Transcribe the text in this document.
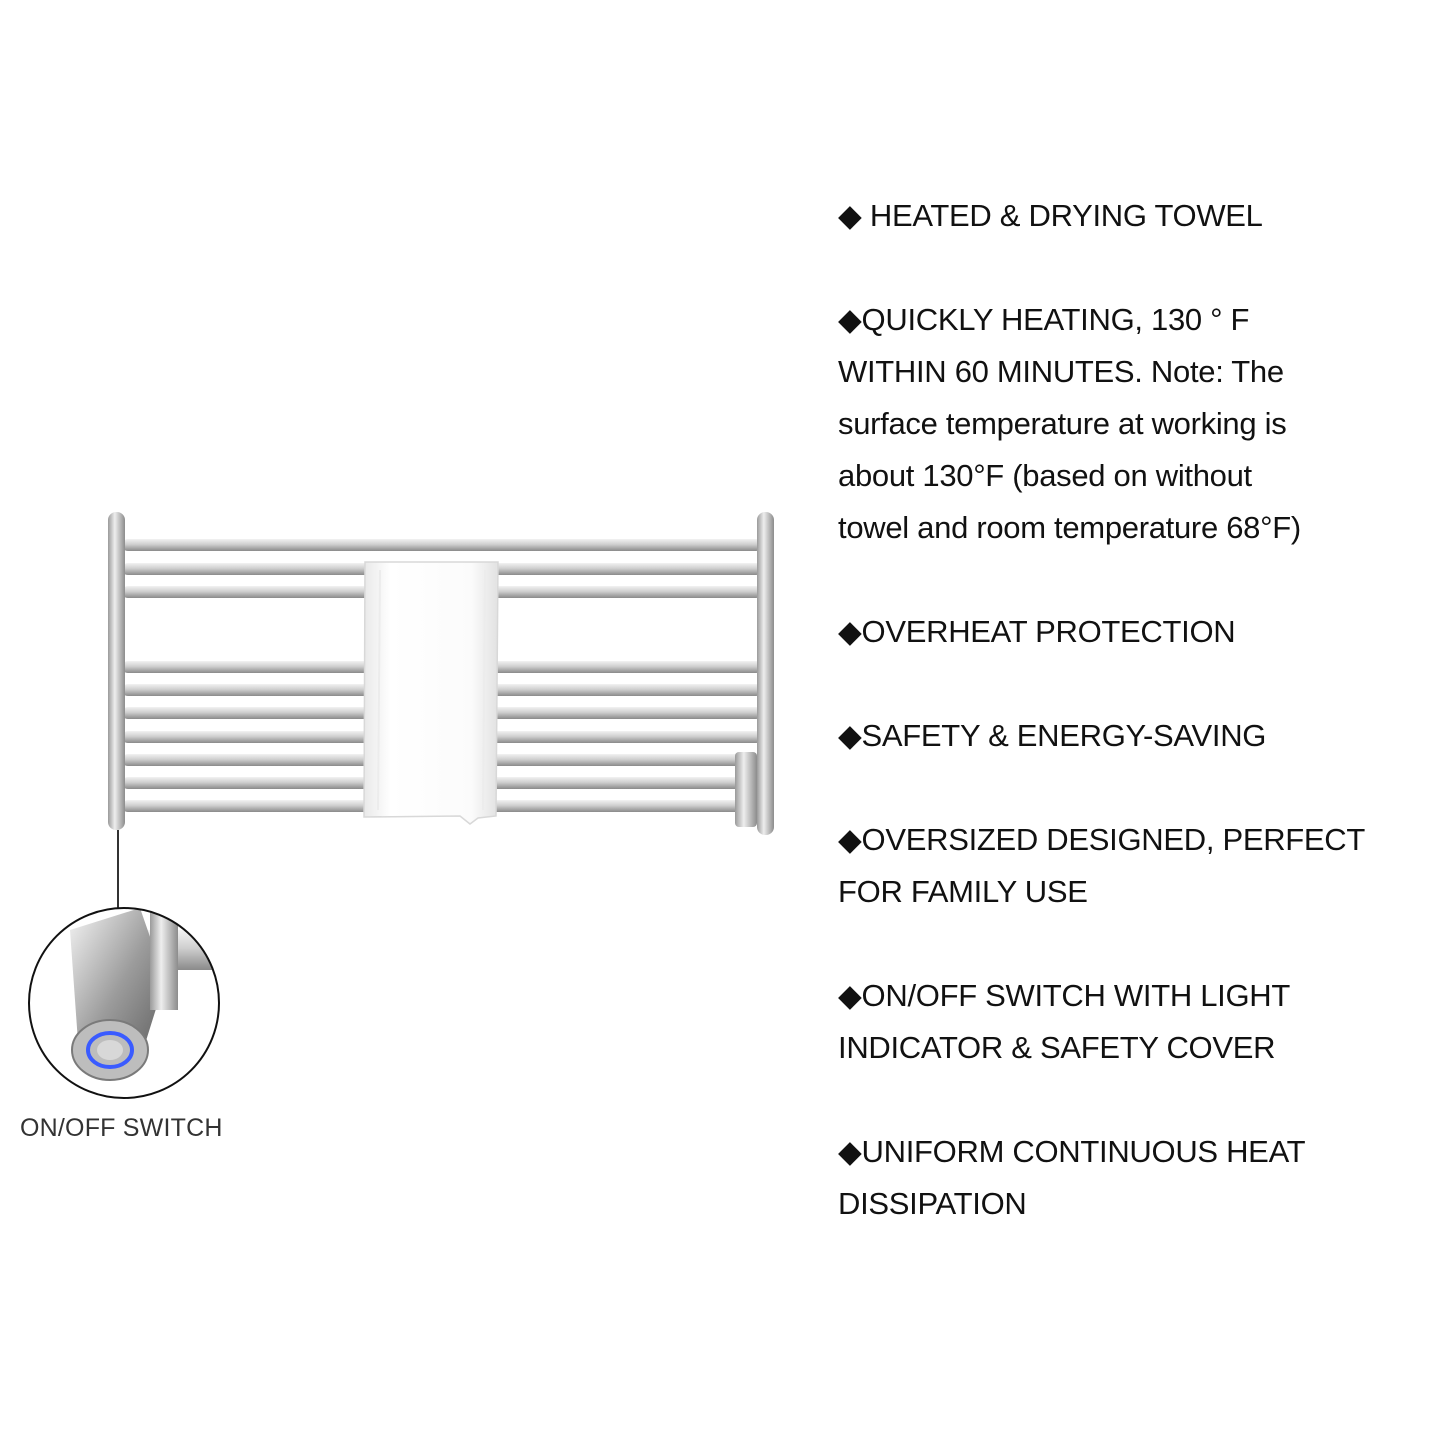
ON/OFF SWITCH
◆ HEATED & DRYING TOWEL
◆QUICKLY HEATING, 130 ° F
WITHIN 60 MINUTES. Note: The
surface temperature at working is
about 130°F (based on without
towel and room temperature 68°F)
◆OVERHEAT PROTECTION
◆SAFETY & ENERGY-SAVING
◆OVERSIZED DESIGNED, PERFECT
FOR FAMILY USE
◆ON/OFF SWITCH WITH LIGHT
INDICATOR & SAFETY COVER
◆UNIFORM CONTINUOUS HEAT
DISSIPATION
